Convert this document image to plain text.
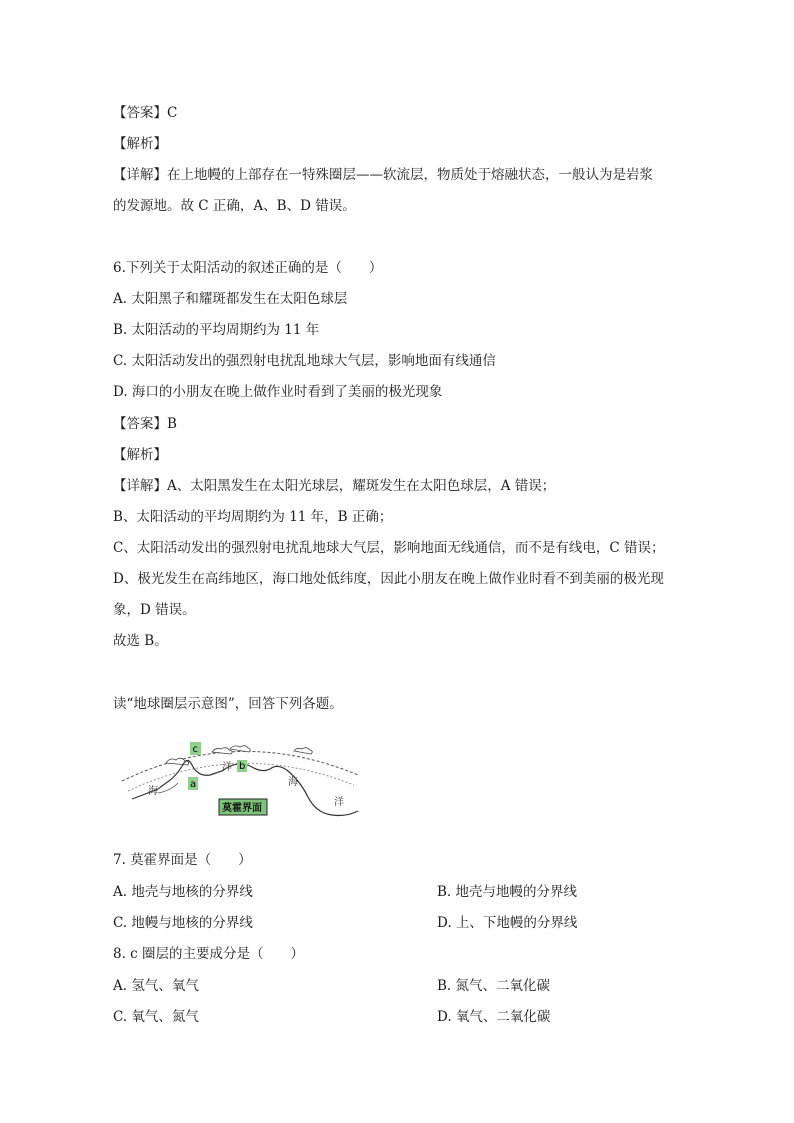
【答案】C
【解析】
【详解】在上地幔的上部存在一特殊圈层——软流层，物质处于熔融状态，一般认为是岩浆
的发源地。故 C 正确，A、B、D 错误。
6.下列关于太阳活动的叙述正确的是（　　）
A. 太阳黑子和耀斑都发生在太阳色球层
B. 太阳活动的平均周期约为 11 年
C. 太阳活动发出的强烈射电扰乱地球大气层，影响地面有线通信
D. 海口的小朋友在晚上做作业时看到了美丽的极光现象
【答案】B
【解析】
【详解】A、太阳黑发生在太阳光球层，耀斑发生在太阳色球层，A 错误；
B、太阳活动的平均周期约为 11 年，B 正确；
C、太阳活动发出的强烈射电扰乱地球大气层，影响地面无线通信，而不是有线电，C 错误；
D、极光发生在高纬地区，海口地处低纬度，因此小朋友在晚上做作业时看不到美丽的极光现
象，D 错误。
故选 B。
读“地球圈层示意图”，回答下列各题。
c
b
a
洋
海
海
洋
莫霍界面
7. 莫霍界面是（　　）
A. 地壳与地核的分界线	B. 地壳与地幔的分界线
C. 地幔与地核的分界线	D. 上、下地幔的分界线
8. c 圈层的主要成分是（　　）
A. 氢气、氧气	B. 氮气、二氧化碳
C. 氧气、氮气	D. 氧气、二氧化碳
